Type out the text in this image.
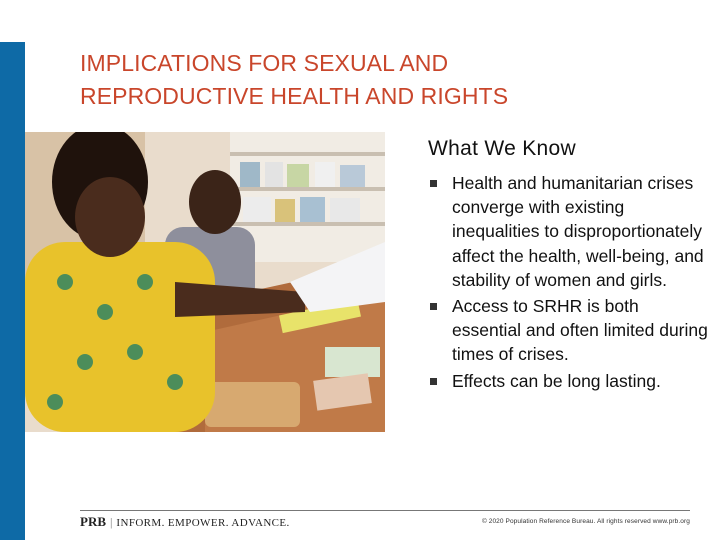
IMPLICATIONS FOR SEXUAL AND
REPRODUCTIVE HEALTH AND RIGHTS
What We Know
Health and humanitarian crises converge with existing inequalities to disproportionately affect the health, well-being, and stability of women and girls.
Access to SRHR is both essential and often limited during times of crises.
Effects can be long lasting.
PRB | INFORM. EMPOWER. ADVANCE.	© 2020 Population Reference Bureau. All rights reserved www.prb.org
